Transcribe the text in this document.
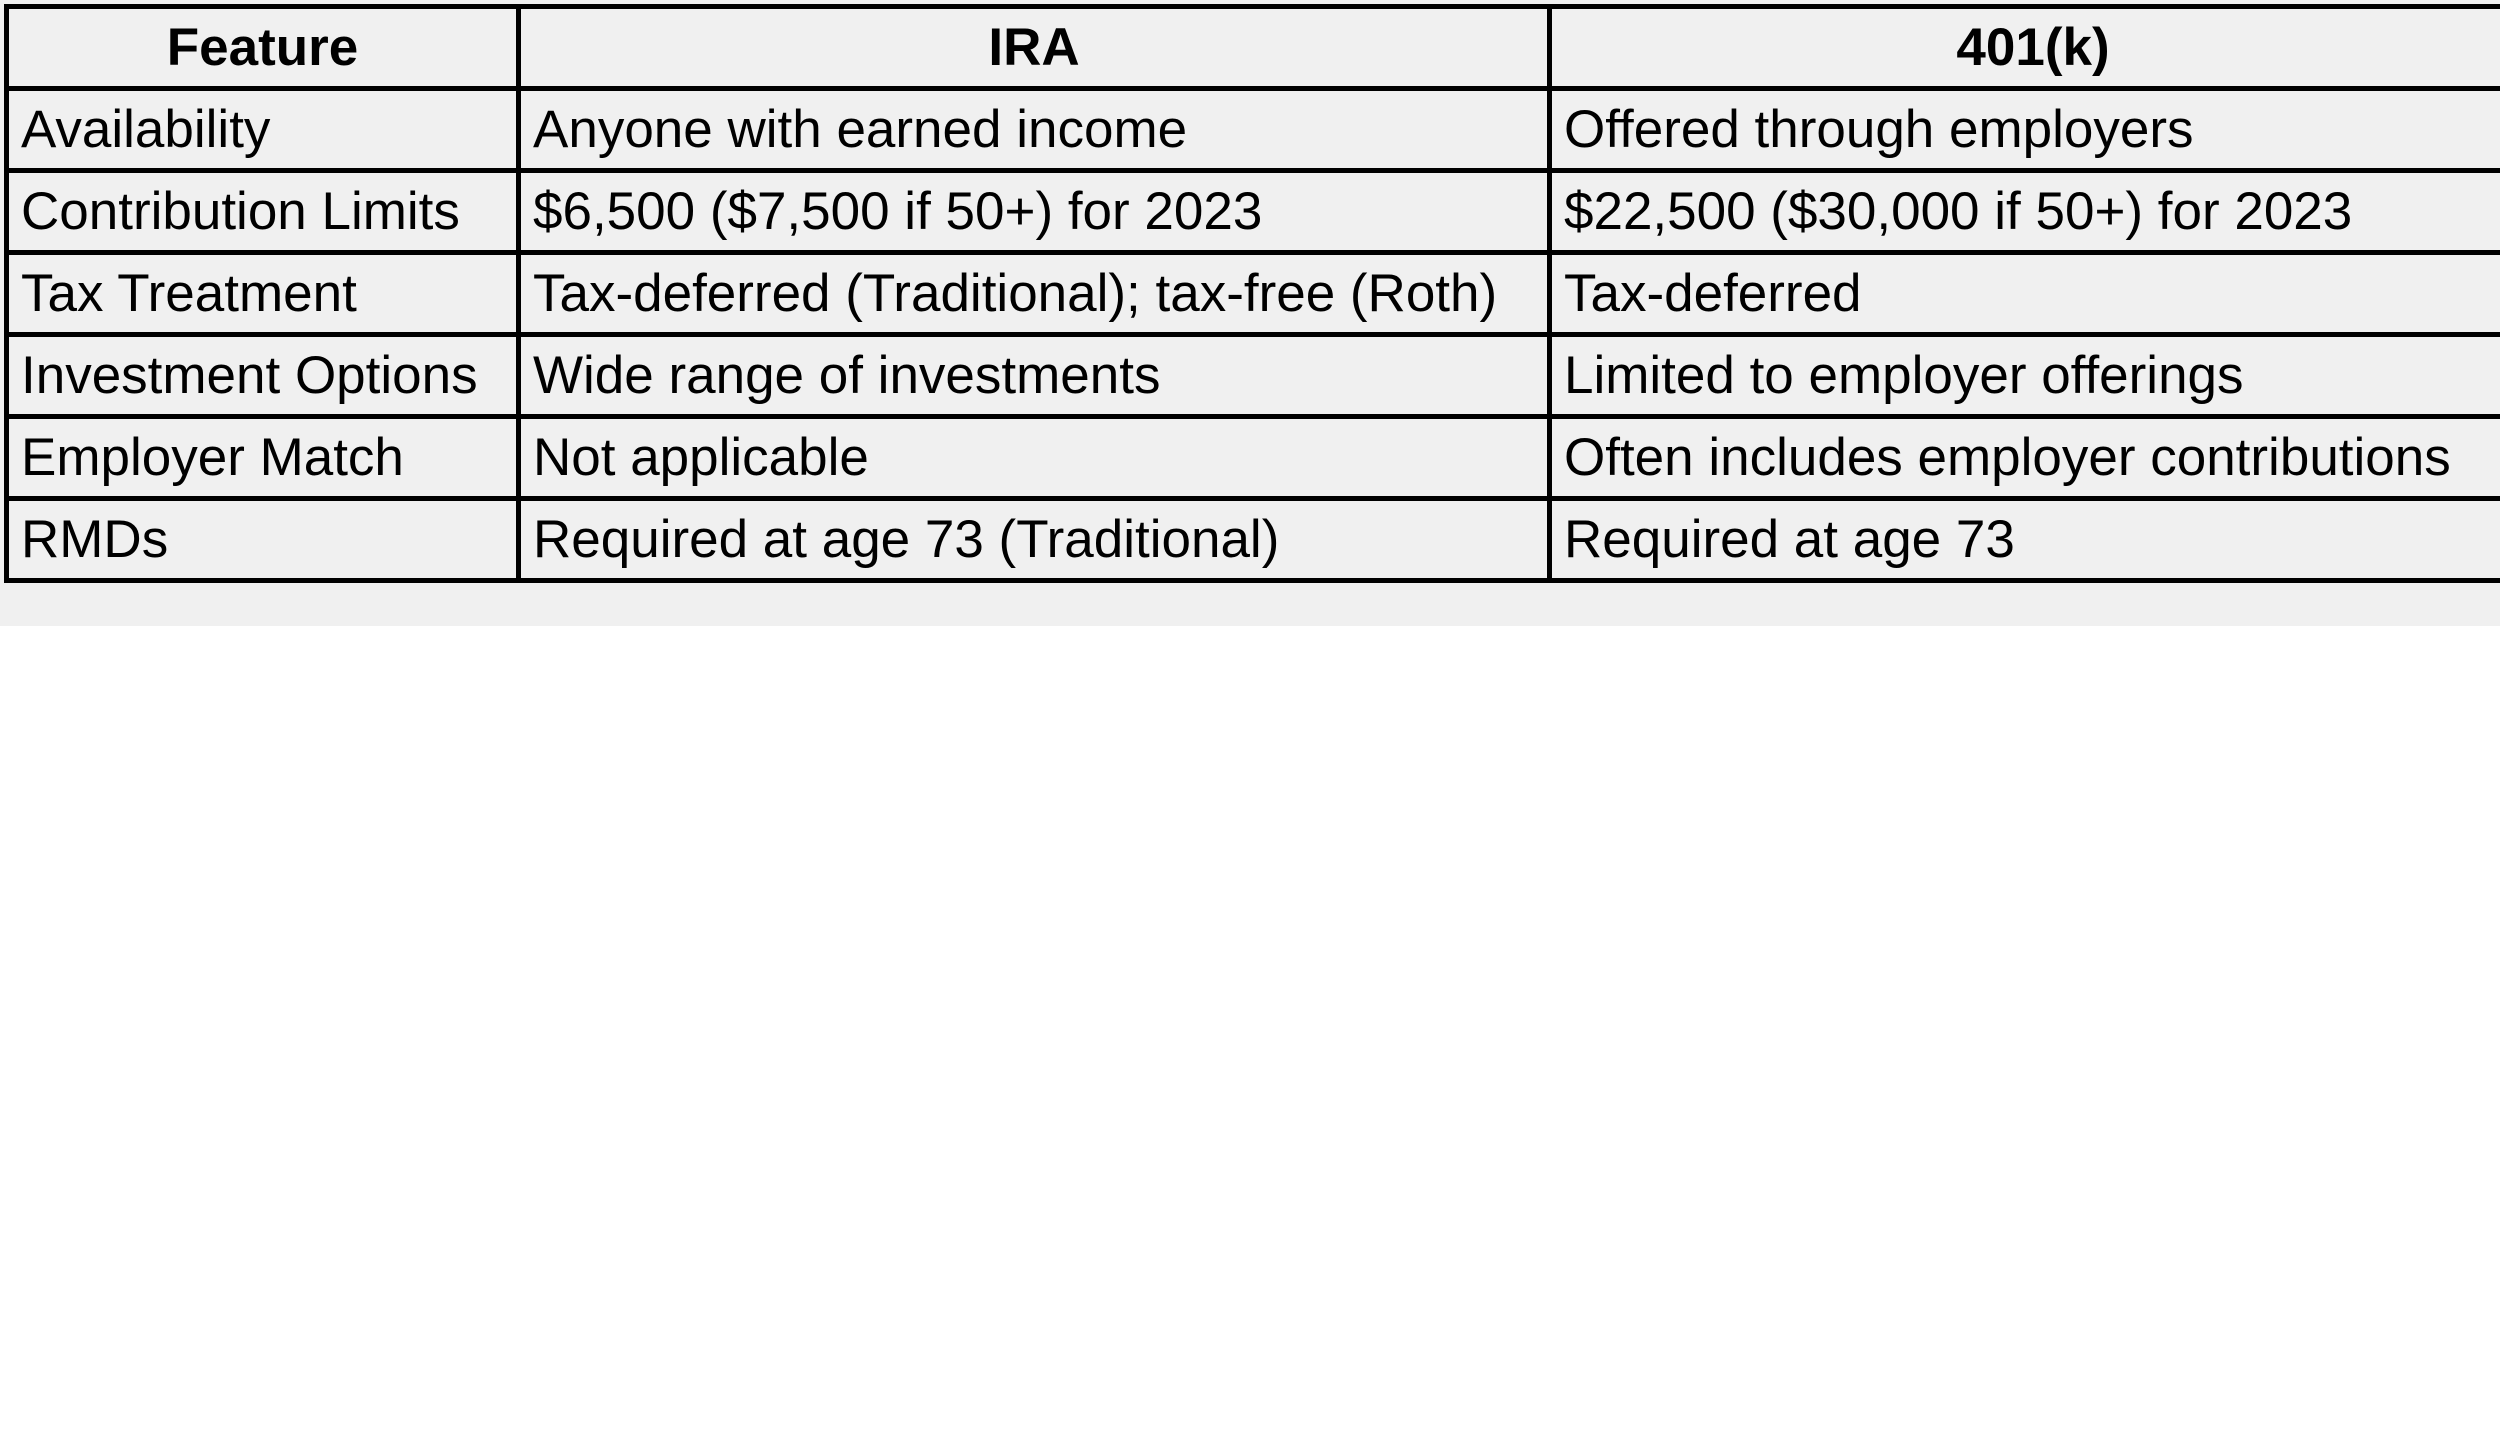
Feature	IRA	401(k)
Availability	Anyone with earned income	Offered through employers
Contribution Limits	$6,500 ($7,500 if 50+) for 2023	$22,500 ($30,000 if 50+) for 2023
Tax Treatment	Tax-deferred (Traditional); tax-free (Roth)	Tax-deferred
Investment Options	Wide range of investments	Limited to employer offerings
Employer Match	Not applicable	Often includes employer contributions
RMDs	Required at age 73 (Traditional)	Required at age 73
